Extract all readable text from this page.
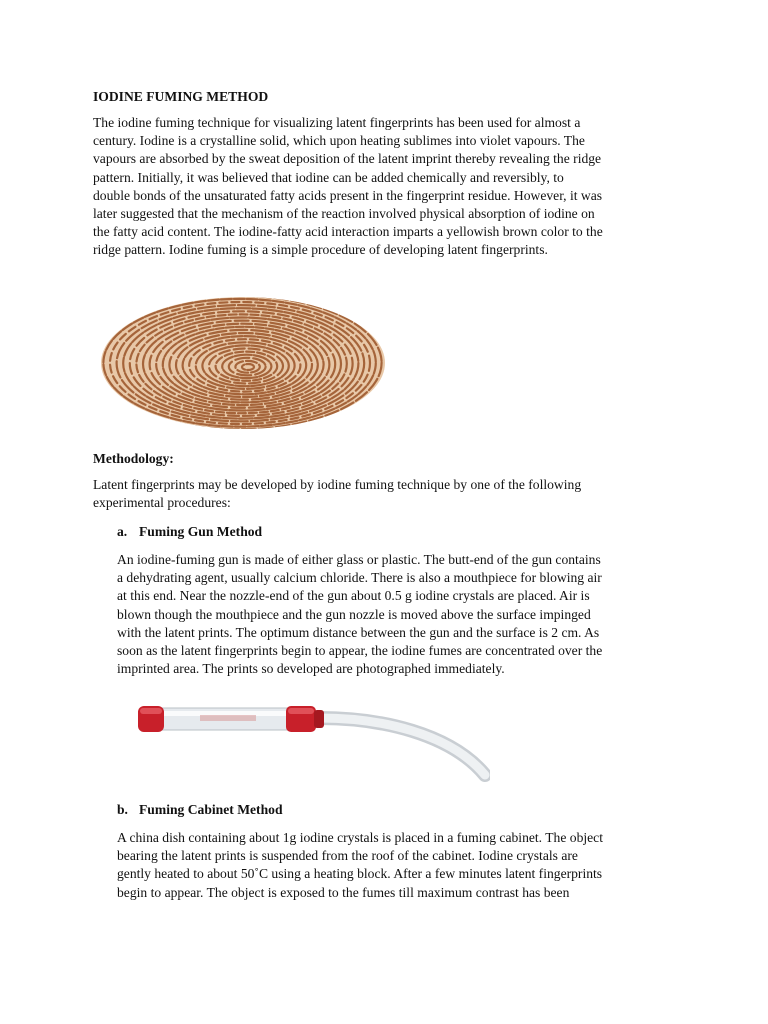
IODINE FUMING METHOD
The iodine fuming technique for visualizing latent fingerprints has been used for almost a
century. Iodine is a crystalline solid, which upon heating sublimes into violet vapours. The
vapours are absorbed by the sweat deposition of the latent imprint thereby revealing the ridge
pattern. Initially, it was believed that iodine can be added chemically and reversibly, to
double bonds of the unsaturated fatty acids present in the fingerprint residue. However, it was
later suggested that the mechanism of the reaction involved physical absorption of iodine on
the fatty acid content. The iodine-fatty acid interaction imparts a yellowish brown color to the
ridge pattern. Iodine fuming is a simple procedure of developing latent fingerprints.
Methodology:
Latent fingerprints may be developed by iodine fuming technique by one of the following
experimental procedures:
a. Fuming Gun Method
An iodine-fuming gun is made of either glass or plastic. The butt-end of the gun contains
a dehydrating agent, usually calcium chloride. There is also a mouthpiece for blowing air
at this end. Near the nozzle-end of the gun about 0.5 g iodine crystals are placed. Air is
blown though the mouthpiece and the gun nozzle is moved above the surface impinged
with the latent prints. The optimum distance between the gun and the surface is 2 cm. As
soon as the latent fingerprints begin to appear, the iodine fumes are concentrated over the
imprinted area. The prints so developed are photographed immediately.
b. Fuming Cabinet Method
A china dish containing about 1g iodine crystals is placed in a fuming cabinet. The object
bearing the latent prints is suspended from the roof of the cabinet. Iodine crystals are
gently heated to about 50˚C using a heating block. After a few minutes latent fingerprints
begin to appear. The object is exposed to the fumes till maximum contrast has been
